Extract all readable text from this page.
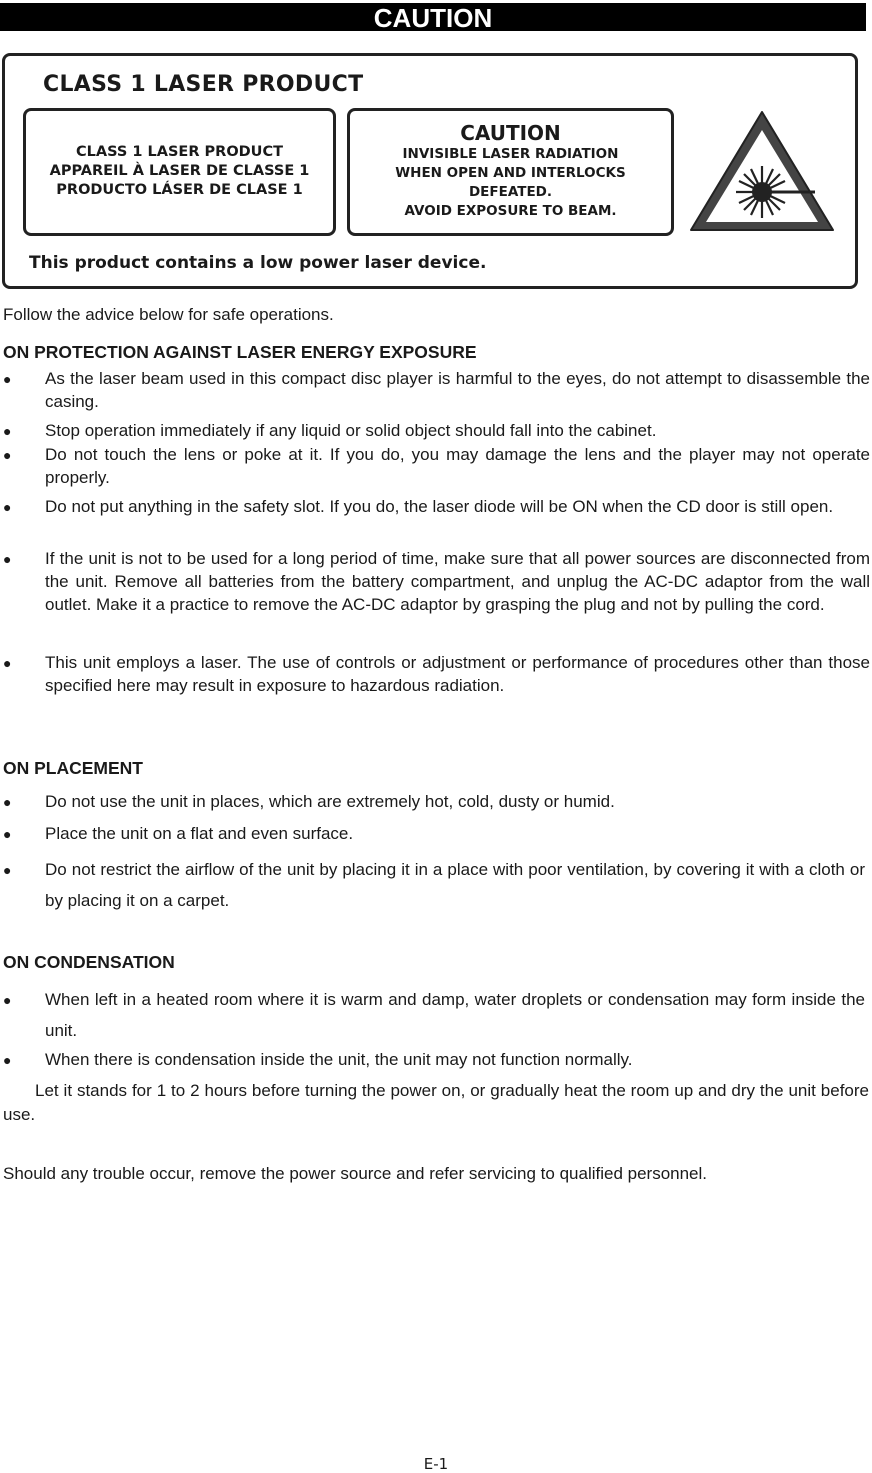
CAUTION
CLASS 1 LASER PRODUCT
CLASS 1 LASER PRODUCT
APPAREIL À LASER DE CLASSE 1
PRODUCTO LÁSER DE CLASE 1
CAUTION
INVISIBLE LASER RADIATION
WHEN OPEN AND INTERLOCKS
DEFEATED.
AVOID EXPOSURE TO BEAM.
This product contains a low power laser device.
Follow the advice below for safe operations.
ON PROTECTION AGAINST LASER ENERGY EXPOSURE
● As the laser beam used in this compact disc player is harmful to the eyes, do not attempt to disassemble the casing.
● Stop operation immediately if any liquid or solid object should fall into the cabinet.
● Do not touch the lens or poke at it. If you do, you may damage the lens and the player may not operate properly.
● Do not put anything in the safety slot. If you do, the laser diode will be ON when the CD door is still open.
● If the unit is not to be used for a long period of time, make sure that all power sources are disconnected from the unit. Remove all batteries from the battery compartment, and unplug the AC-DC adaptor from the wall outlet. Make it a practice to remove the AC-DC adaptor by grasping the plug and not by pulling the cord.
● This unit employs a laser. The use of controls or adjustment or performance of procedures other than those specified here may result in exposure to hazardous radiation.
ON PLACEMENT
● Do not use the unit in places, which are extremely hot, cold, dusty or humid.
● Place the unit on a flat and even surface.
● Do not restrict the airflow of the unit by placing it in a place with poor ventilation, by covering it with a cloth or by placing it on a carpet.
ON CONDENSATION
● When left in a heated room where it is warm and damp, water droplets or condensation may form inside the unit.
● When there is condensation inside the unit, the unit may not function normally.
Let it stands for 1 to 2 hours before turning the power on, or gradually heat the room up and dry the unit before use.
Should any trouble occur, remove the power source and refer servicing to qualified personnel.
E-1
